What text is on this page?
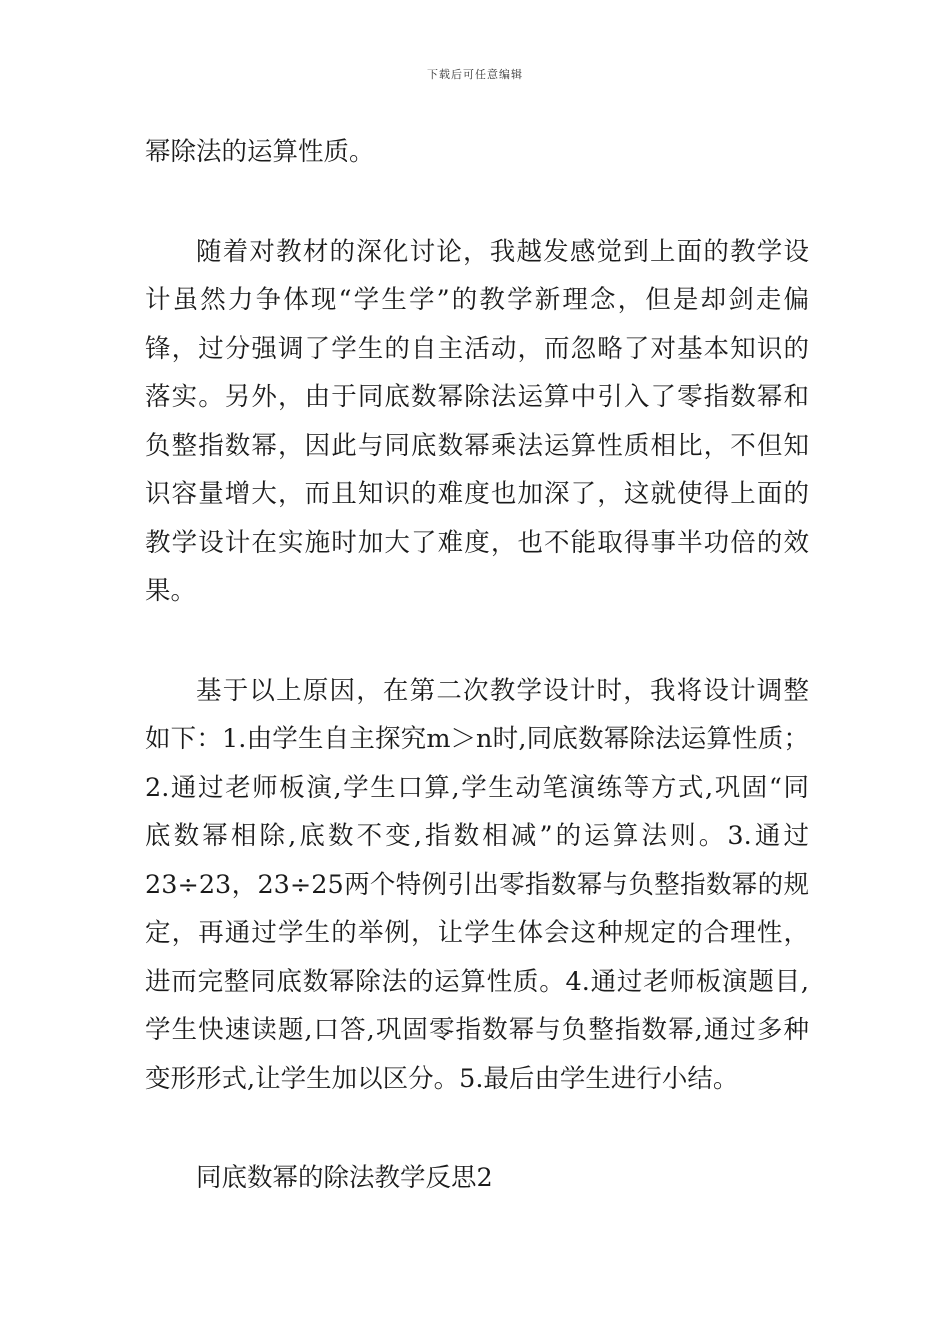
下载后可任意编辑
幂除法的运算性质。
随着对教材的深化讨论，我越发感觉到上面的教学设
计虽然力争体现“学生学”的教学新理念，但是却剑走偏
锋，过分强调了学生的自主活动，而忽略了对基本知识的
落实。另外，由于同底数幂除法运算中引入了零指数幂和
负整指数幂，因此与同底数幂乘法运算性质相比，不但知
识容量增大，而且知识的难度也加深了，这就使得上面的
教学设计在实施时加大了难度，也不能取得事半功倍的效
果。
基于以上原因，在第二次教学设计时，我将设计调整
如下：1.由学生自主探究m＞n时,同底数幂除法运算性质；
2.通过老师板演,学生口算,学生动笔演练等方式,巩固“同
底数幂相除,底数不变,指数相减”的运算法则。3.通过
23÷23，23÷25两个特例引出零指数幂与负整指数幂的规
定，再通过学生的举例，让学生体会这种规定的合理性，
进而完整同底数幂除法的运算性质。4.通过老师板演题目,
学生快速读题,口答,巩固零指数幂与负整指数幂,通过多种
变形形式,让学生加以区分。5.最后由学生进行小结。
同底数幂的除法教学反思2
